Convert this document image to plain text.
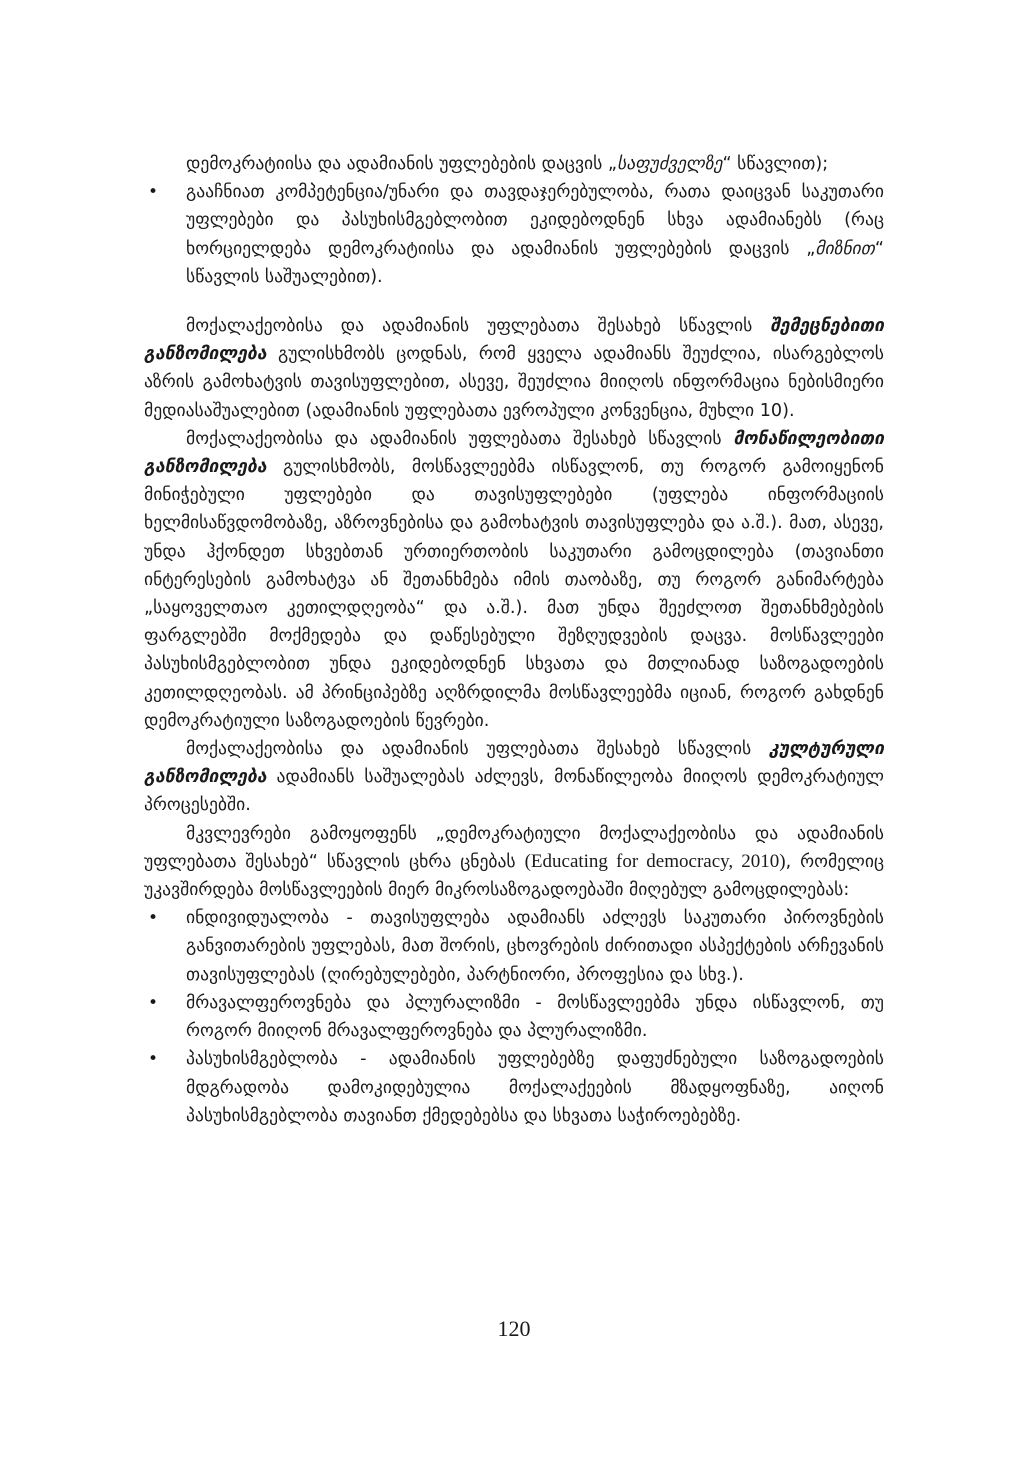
დემოკრატიისა და ადამიანის უფლებების დაცვის „საფუძველზე“ სწავლით);

• გააჩნიათ კომპეტენცია/უნარი და თავდაჯერებულობა, რათა დაიცვან საკუთარი უფლებები და პასუხისმგებლობით ეკიდებოდნენ სხვა ადამიანებს (რაც ხორციელდება დემოკრატიისა და ადამიანის უფლებების დაცვის „მიზნით“ სწავლის საშუალებით).

მოქალაქეობისა და ადამიანის უფლებათა შესახებ სწავლის შემეცნებითი განზომილება გულისხმობს ცოდნას, რომ ყველა ადამიანს შეუძლია, ისარგებლოს აზრის გამოხატვის თავისუფლებით, ასევე, შეუძლია მიიღოს ინფორმაცია ნებისმიერი მედიასაშუალებით (ადამიანის უფლებათა ევროპული კონვენცია, მუხლი 10).

მოქალაქეობისა და ადამიანის უფლებათა შესახებ სწავლის მონაწილეობითი განზომილება გულისხმობს, მოსწავლეებმა ისწავლონ, თუ როგორ გამოიყენონ მინიჭებული უფლებები და თავისუფლებები (უფლება ინფორმაციის ხელმისაწვდომობაზე, აზროვნებისა და გამოხატვის თავისუფლება და ა.შ.). მათ, ასევე, უნდა ჰქონდეთ სხვებთან ურთიერთობის საკუთარი გამოცდილება (თავიანთი ინტერესების გამოხატვა ან შეთანხმება იმის თაობაზე, თუ როგორ განიმარტება „საყოველთაო კეთილდღეობა“ და ა.შ.). მათ უნდა შეეძლოთ შეთანხმებების ფარგლებში მოქმედება და დაწესებული შეზღუდვების დაცვა. მოსწავლეები პასუხისმგებლობით უნდა ეკიდებოდნენ სხვათა და მთლიანად საზოგადოების კეთილდღეობას. ამ პრინციპებზე აღზრდილმა მოსწავლეებმა იციან, როგორ გახდნენ დემოკრატიული საზოგადოების წევრები.

მოქალაქეობისა და ადამიანის უფლებათა შესახებ სწავლის კულტურული განზომილება ადამიანს საშუალებას აძლევს, მონაწილეობა მიიღოს დემოკრატიულ პროცესებში.

მკვლევრები გამოყოფენს „დემოკრატიული მოქალაქეობისა და ადამიანის უფლებათა შესახებ“ სწავლის ცხრა ცნებას (Educating for democracy, 2010), რომელიც უკავშირდება მოსწავლეების მიერ მიკროსაზოგადოებაში მიღებულ გამოცდილებას:

• ინდივიდუალობა - თავისუფლება ადამიანს აძლევს საკუთარი პიროვნების განვითარების უფლებას, მათ შორის, ცხოვრების ძირითადი ასპექტების არჩევანის თავისუფლებას (ღირებულებები, პარტნიორი, პროფესია და სხვ.).

• მრავალფეროვნება და პლურალიზმი - მოსწავლეებმა უნდა ისწავლონ, თუ როგორ მიიღონ მრავალფეროვნება და პლურალიზმი.

• პასუხისმგებლობა - ადამიანის უფლებებზე დაფუძნებული საზოგადოების მდგრადობა დამოკიდებულია მოქალაქეების მზადყოფნაზე, აიღონ პასუხისმგებლობა თავიანთ ქმედებებსა და სხვათა საჭიროებებზე.

120
